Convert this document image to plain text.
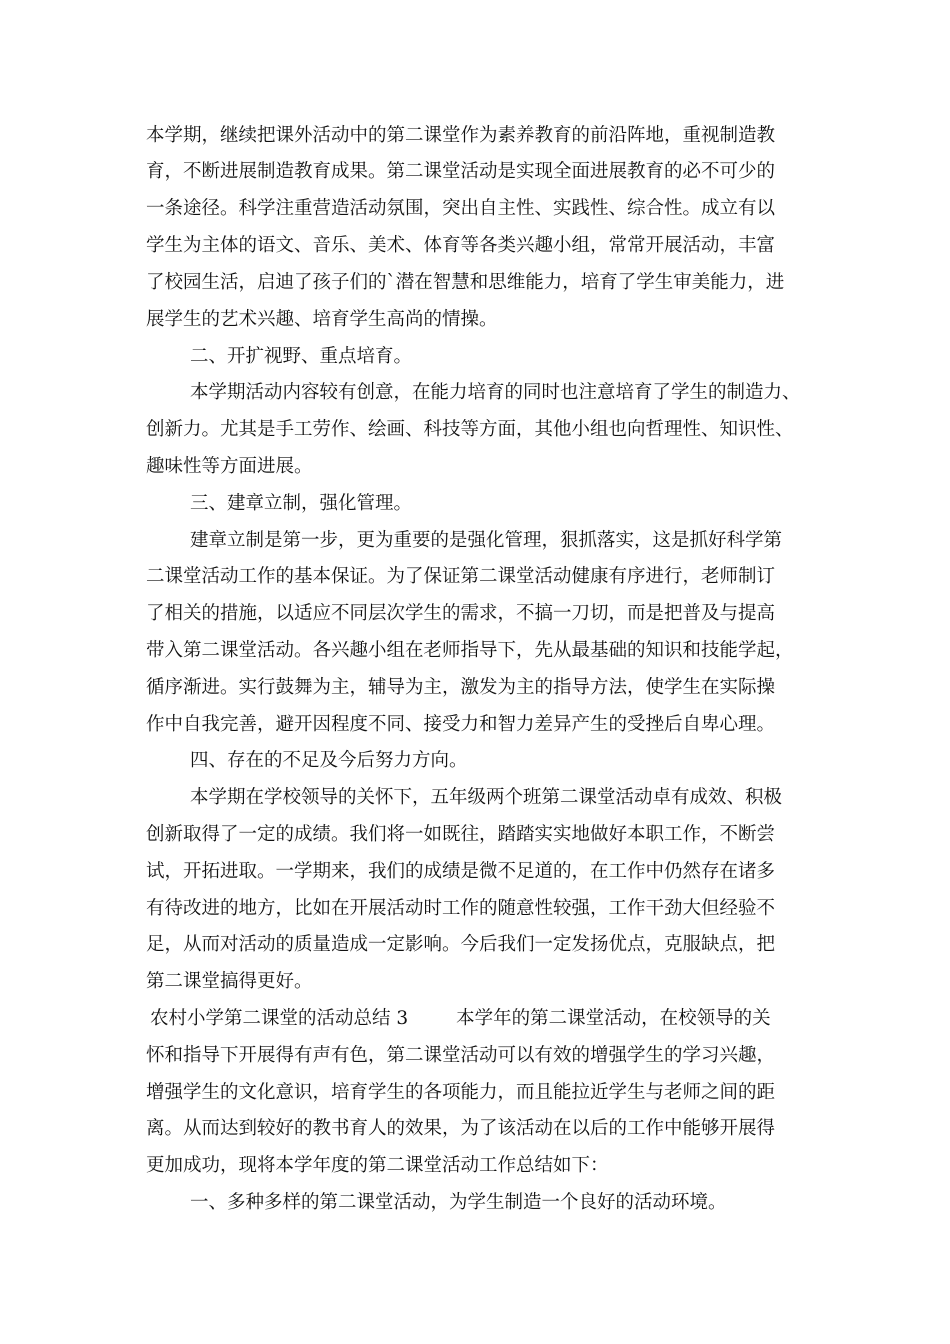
本学期，继续把课外活动中的第二课堂作为素养教育的前沿阵地，重视制造教
育，不断进展制造教育成果。第二课堂活动是实现全面进展教育的必不可少的
一条途径。科学注重营造活动氛围，突出自主性、实践性、综合性。成立有以
学生为主体的语文、音乐、美术、体育等各类兴趣小组，常常开展活动，丰富
了校园生活，启迪了孩子们的`潜在智慧和思维能力，培育了学生审美能力，进
展学生的艺术兴趣、培育学生高尚的情操。
二、开扩视野、重点培育。
本学期活动内容较有创意，在能力培育的同时也注意培育了学生的制造力、
创新力。尤其是手工劳作、绘画、科技等方面，其他小组也向哲理性、知识性、
趣味性等方面进展。
三、建章立制，强化管理。
建章立制是第一步，更为重要的是强化管理，狠抓落实，这是抓好科学第
二课堂活动工作的基本保证。为了保证第二课堂活动健康有序进行，老师制订
了相关的措施，以适应不同层次学生的需求，不搞一刀切，而是把普及与提高
带入第二课堂活动。各兴趣小组在老师指导下，先从最基础的知识和技能学起，
循序渐进。实行鼓舞为主，辅导为主，激发为主的指导方法，使学生在实际操
作中自我完善，避开因程度不同、接受力和智力差异产生的受挫后自卑心理。
四、存在的不足及今后努力方向。
本学期在学校领导的关怀下，五年级两个班第二课堂活动卓有成效、积极
创新取得了一定的成绩。我们将一如既往，踏踏实实地做好本职工作，不断尝
试，开拓进取。一学期来，我们的成绩是微不足道的，在工作中仍然存在诸多
有待改进的地方，比如在开展活动时工作的随意性较强，工作干劲大但经验不
足，从而对活动的质量造成一定影响。今后我们一定发扬优点，克服缺点，把
第二课堂搞得更好。
农村小学第二课堂的活动总结 3	本学年的第二课堂活动，在校领导的关
怀和指导下开展得有声有色，第二课堂活动可以有效的增强学生的学习兴趣，
增强学生的文化意识，培育学生的各项能力，而且能拉近学生与老师之间的距
离。从而达到较好的教书育人的效果，为了该活动在以后的工作中能够开展得
更加成功，现将本学年度的第二课堂活动工作总结如下：
一、多种多样的第二课堂活动，为学生制造一个良好的活动环境。
